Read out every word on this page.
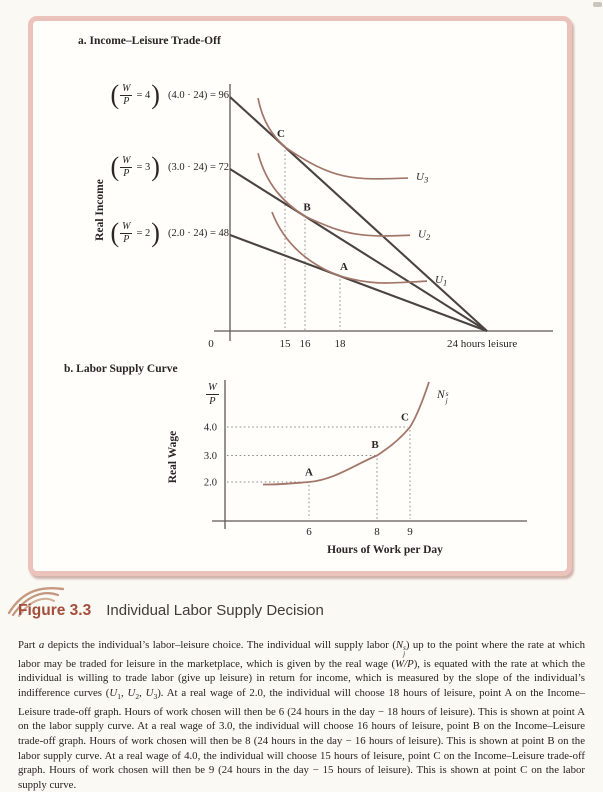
C
$U_3$
B
$U_2$
A
$U_1$
0	15 16 18	24 hours leisure
A
B
C
4.0
3.0
2.0
6	8	9
a. Income–Leisure Trade-Off
Real Income
( $\frac{W}{P} = 4$ ) (4.0 · 24) = 96
( $\frac{W}{P} = 3$ ) (3.0 · 24) = 72
( $\frac{W}{P} = 2$ ) (2.0 · 24) = 48
b. Labor Supply Curve
Real Wage
$\frac{W}{P}$	N s
j
Hours of Work per Day
Figure 3.3 Individual Labor Supply Decision

Part a depicts the individual’s labor–leisure choice. The individual will supply labor (N s
j
) up to the point where the rate at which labor may be traded for leisure in the marketplace, which is given by the real wage (W/P), is equated with the rate at which the individual is willing to trade labor (give up leisure) in return for income, which is measured by the slope of the individual’s indifference curves ($U_1$, $U_2$, $U_3$). At a real wage of 2.0, the individual will choose 18 hours of leisure, point A on the Income–Leisure trade-off graph. Hours of work chosen will then be 6 (24 hours in the day − 18 hours of leisure). This is shown at point A on the labor supply curve. At a real wage of 3.0, the individual will choose 16 hours of leisure, point B on the Income–Leisure trade-off graph. Hours of work chosen will then be 8 (24 hours in the day − 16 hours of leisure). This is shown at point B on the labor supply curve. At a real wage of 4.0, the individual will choose 15 hours of leisure, point C on the Income–Leisure trade-off graph. Hours of work chosen will then be 9 (24 hours in the day − 15 hours of leisure). This is shown at point C on the labor supply curve.
